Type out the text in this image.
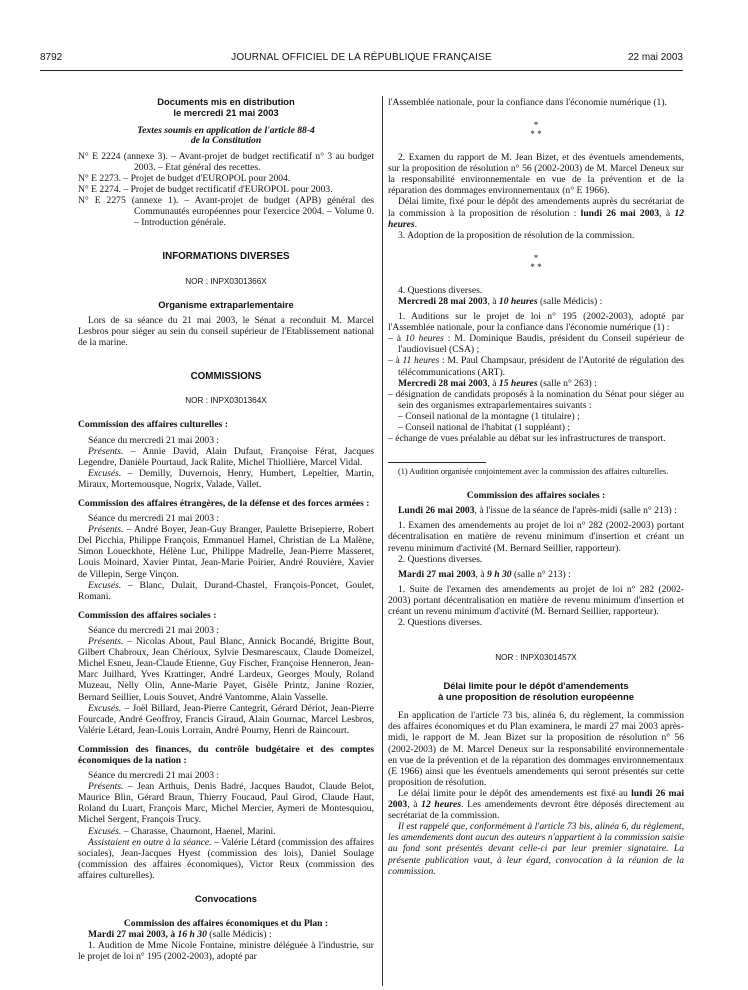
8792	JOURNAL OFFICIEL DE LA RÉPUBLIQUE FRANÇAISE	22 mai 2003
Documents mis en distribution
le mercredi 21 mai 2003
Textes soumis en application de l'article 88-4
de la Constitution

N° E 2224 (annexe 3). – Avant-projet de budget rectificatif n° 3 au budget 2003. – Etat général des recettes.

N° E 2273. – Projet de budget d'EUROPOL pour 2004.

N° E 2274. – Projet de budget rectificatif d'EUROPOL pour 2003.

N° E 2275 (annexe 1). – Avant-projet de budget (APB) général des Communautés européennes pour l'exercice 2004. – Volume 0. – Introduction générale.

INFORMATIONS DIVERSES
NOR : INPX0301366X
Organisme extraparlementaire

Lors de sa séance du 21 mai 2003, le Sénat a reconduit M. Marcel Lesbros pour siéger au sein du conseil supérieur de l'Etablissement national de la marine.

COMMISSIONS
NOR : INPX0301364X

Commission des affaires culturelles :

Séance du mercredi 21 mai 2003 :

Présents. – Annie David, Alain Dufaut, Françoise Férat, Jacques Legendre, Danièle Pourtaud, Jack Ralite, Michel Thiollière, Marcel Vidal.

Excusés. – Demilly, Duvernois, Henry, Humbert, Lepeltier, Martin, Miraux, Mortemousque, Nogrix, Valade, Vallet.

Commission des affaires étrangères, de la défense et des forces armées :

Séance du mercredi 21 mai 2003 :

Présents. – André Boyer, Jean-Guy Branger, Paulette Brisepierre, Robert Del Picchia, Philippe François, Emmanuel Hamel, Christian de La Malène, Simon Loueckhote, Hélène Luc, Philippe Madrelle, Jean-Pierre Masseret, Louis Moinard, Xavier Pintat, Jean-Marie Poirier, André Rouvière, Xavier de Villepin, Serge Vinçon.

Excusés. – Blanc, Dulait, Durand-Chastel, François-Poncet, Goulet, Romani.

Commission des affaires sociales :

Séance du mercredi 21 mai 2003 :

Présents. – Nicolas About, Paul Blanc, Annick Bocandé, Brigitte Bout, Gilbert Chabroux, Jean Chérioux, Sylvie Desmarescaux, Claude Domeizel, Michel Esneu, Jean-Claude Etienne, Guy Fischer, Françoise Henneron, Jean-Marc Juilhard, Yves Krattinger, André Lardeux, Georges Mouly, Roland Muzeau, Nelly Olin, Anne-Marie Payet, Gisèle Printz, Janine Rozier, Bernard Seillier, Louis Souvet, André Vantomme, Alain Vasselle.

Excusés. – Joël Billard, Jean-Pierre Cantegrit, Gérard Dériot, Jean-Pierre Fourcade, André Geoffroy, Francis Giraud, Alain Gournac, Marcel Lesbros, Valérie Létard, Jean-Louis Lorrain, André Pourny, Henri de Raincourt.

Commission des finances, du contrôle budgétaire et des comptes économiques de la nation :

Séance du mercredi 21 mai 2003 :

Présents. – Jean Arthuis, Denis Badré, Jacques Baudot, Claude Belot, Maurice Blin, Gérard Braun, Thierry Foucaud, Paul Girod, Claude Haut, Roland du Luart, François Marc, Michel Mercier, Aymeri de Montesquiou, Michel Sergent, François Trucy.

Excusés. – Charasse, Chaumont, Haenel, Marini.

Assistaient en outre à la séance. – Valérie Létard (commission des affaires sociales), Jean-Jacques Hyest (commission des lois), Daniel Soulage (commission des affaires économiques), Victor Reux (commission des affaires culturelles).

Convocations

Commission des affaires économiques et du Plan :

Mardi 27 mai 2003, à 16 h 30 (salle Médicis) :

1. Audition de Mme Nicole Fontaine, ministre déléguée à l'industrie, sur le projet de loi n° 195 (2002-2003), adopté par

l'Assemblée nationale, pour la confiance dans l'économie numérique (1).

*
* *

2. Examen du rapport de M. Jean Bizet, et des éventuels amendements, sur la proposition de résolution n° 56 (2002-2003) de M. Marcel Deneux sur la responsabilité environnementale en vue de la prévention et de la réparation des dommages environnementaux (n° E 1966).

Délai limite, fixé pour le dépôt des amendements auprès du secrétariat de la commission à la proposition de résolution : lundi 26 mai 2003, à 12 heures.

3. Adoption de la proposition de résolution de la commission.

*
* *

4. Questions diverses.

Mercredi 28 mai 2003, à 10 heures (salle Médicis) :

1. Auditions sur le projet de loi n° 195 (2002-2003), adopté par l'Assemblée nationale, pour la confiance dans l'économie numérique (1) :

– à 10 heures : M. Dominique Baudis, président du Conseil supérieur de l'audiovisuel (CSA) ;

– à 11 heures : M. Paul Champsaur, président de l'Autorité de régulation des télécommunications (ART).

Mercredi 28 mai 2003, à 15 heures (salle n° 263) :

– désignation de candidats proposés à la nomination du Sénat pour siéger au sein des organismes extraparlementaires suivants :

– Conseil national de la montagne (1 titulaire) ;

– Conseil national de l'habitat (1 suppléant) ;

– échange de vues préalable au débat sur les infrastructures de transport.

(1) Audition organisée conjointement avec la commission des affaires culturelles.

Commission des affaires sociales :

Lundi 26 mai 2003, à l'issue de la séance de l'après-midi (salle n° 213) :

1. Examen des amendements au projet de loi n° 282 (2002-2003) portant décentralisation en matière de revenu minimum d'insertion et créant un revenu minimum d'activité (M. Bernard Seillier, rapporteur).

2. Questions diverses.

Mardi 27 mai 2003, à 9 h 30 (salle n° 213) :

1. Suite de l'examen des amendements au projet de loi n° 282 (2002-2003) portant décentralisation en matière de revenu minimum d'insertion et créant un revenu minimum d'activité (M. Bernard Seillier, rapporteur).

2. Questions diverses.

NOR : INPX0301457X
Délai limite pour le dépôt d'amendements
à une proposition de résolution européenne

En application de l'article 73 bis, alinéa 6, du règlement, la commission des affaires économiques et du Plan examinera, le mardi 27 mai 2003 après-midi, le rapport de M. Jean Bizet sur la proposition de résolution n° 56 (2002-2003) de M. Marcel Deneux sur la responsabilité environnementale en vue de la prévention et de la réparation des dommages environnementaux (E 1966) ainsi que les éventuels amendements qui seront présentés sur cette proposition de résolution.

Le délai limite pour le dépôt des amendements est fixé au lundi 26 mai 2003, à 12 heures. Les amendements devront être déposés directement au secrétariat de la commission.

Il est rappelé que, conformément à l'article 73 bis, alinéa 6, du règlement, les amendements dont aucun des auteurs n'appartient à la commission saisie au fond sont présentés devant celle-ci par leur premier signataire. La présente publication vaut, à leur égard, convocation à la réunion de la commission.
